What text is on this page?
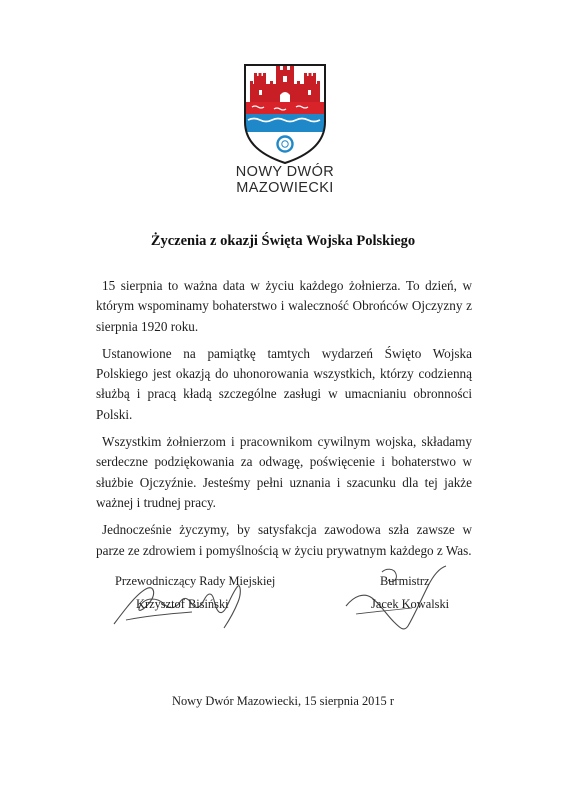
NOWY DWÓR
MAZOWIECKI
Życzenia z okazji Święta Wojska Polskiego

15 sierpnia to ważna data w życiu każdego żołnierza. To dzień, w którym wspominamy bohaterstwo i waleczność Obrońców Ojczyzny z sierpnia 1920 roku.

Ustanowione na pamiątkę tamtych wydarzeń Święto Wojska Polskiego jest okazją do uhonorowania wszystkich, którzy codzienną służbą i pracą kładą szczególne zasługi w umacnianiu obronności Polski.

Wszystkim żołnierzom i pracownikom cywilnym wojska, składamy serdeczne podziękowania za odwagę, poświęcenie i bohaterstwo w służbie Ojczyźnie. Jesteśmy pełni uznania i szacunku dla tej jakże ważnej i trudnej pracy.

Jednocześnie życzymy, by satysfakcja zawodowa szła zawsze w parze ze zdrowiem i pomyślnością w życiu prywatnym każdego z Was.

Przewodniczący Rady Miejskiej
Krzysztof Bisiński
Burmistrz
Jacek Kowalski
Nowy Dwór Mazowiecki, 15 sierpnia 2015 r
